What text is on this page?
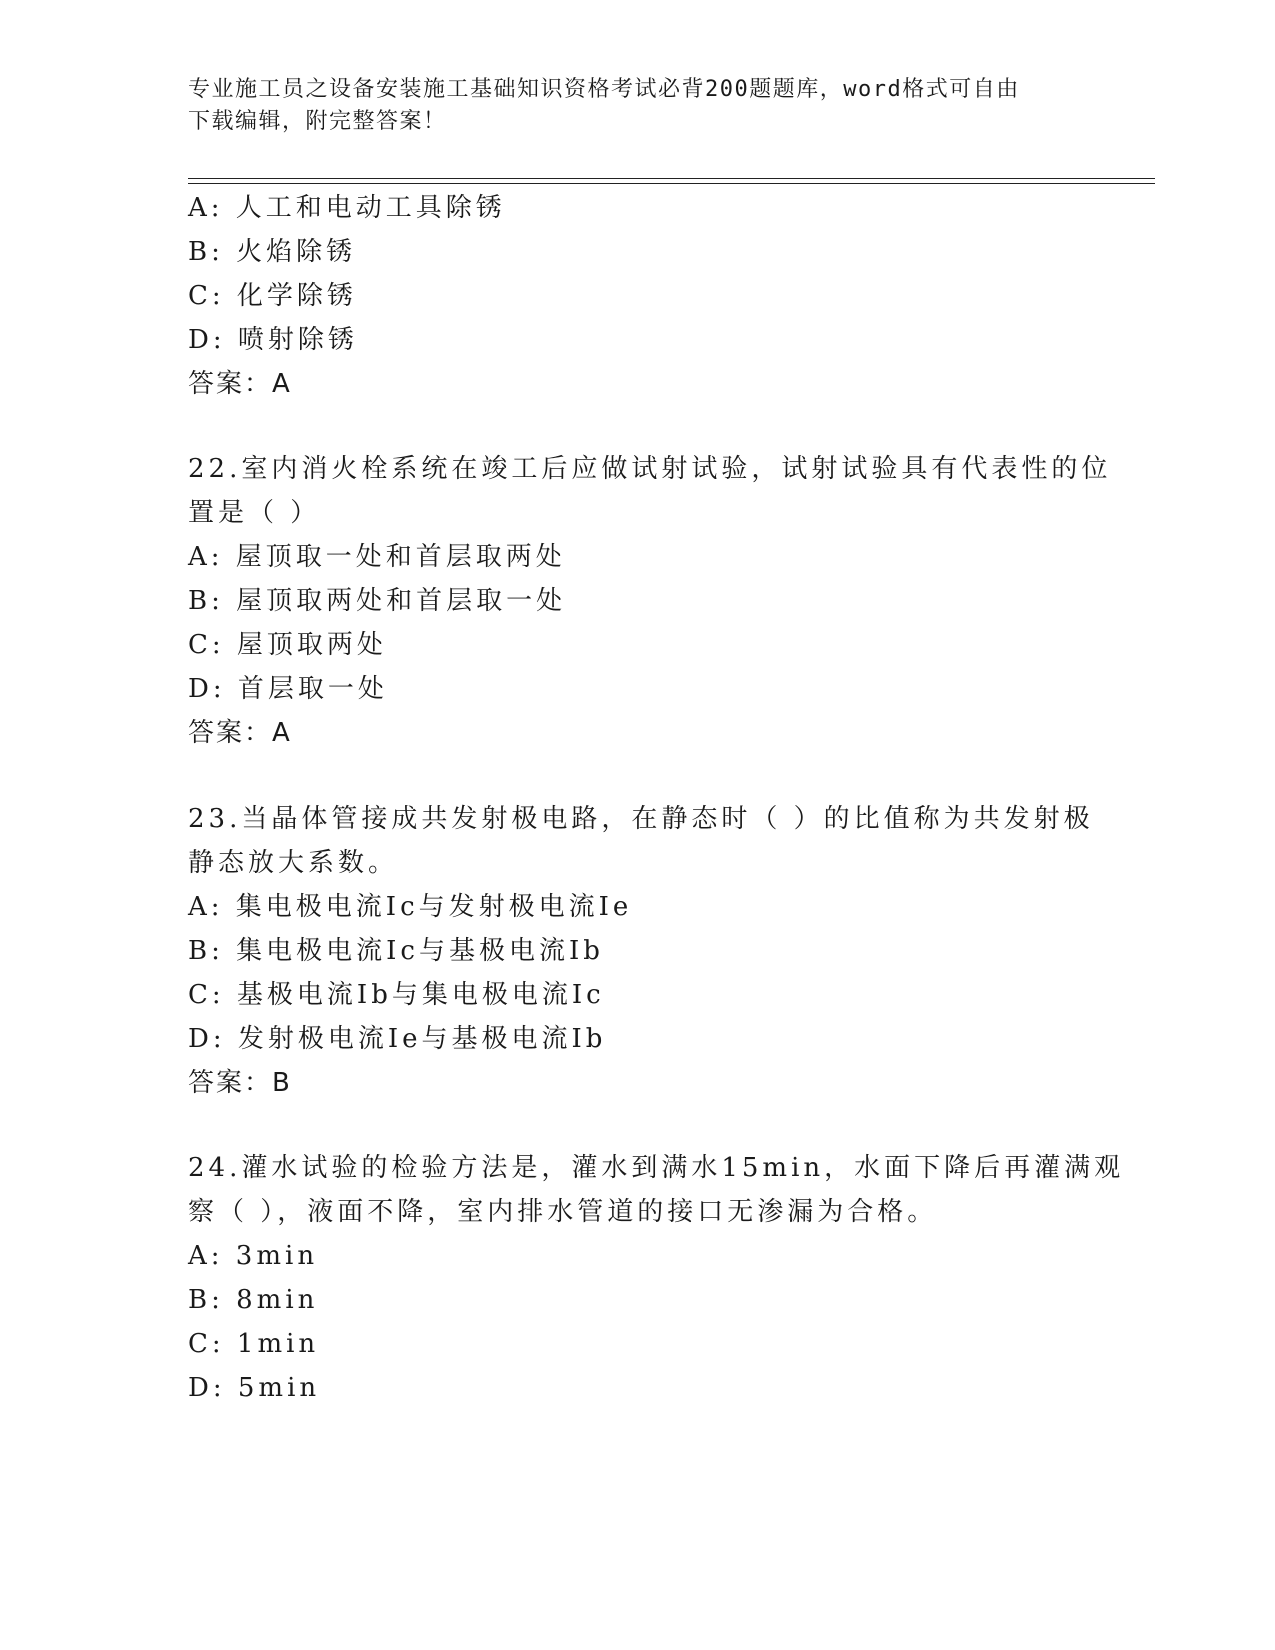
专业施工员之设备安装施工基础知识资格考试必背200题题库，word格式可自由
下载编辑，附完整答案！
A: 人工和电动工具除锈
B: 火焰除锈
C: 化学除锈
D: 喷射除锈
答案：A
22.室内消火栓系统在竣工后应做试射试验，试射试验具有代表性的位
置是（ ）
A: 屋顶取一处和首层取两处
B: 屋顶取两处和首层取一处
C: 屋顶取两处
D: 首层取一处
答案：A
23.当晶体管接成共发射极电路，在静态时（ ）的比值称为共发射极
静态放大系数。
A: 集电极电流Ic与发射极电流Ie
B: 集电极电流Ic与基极电流Ib
C: 基极电流Ib与集电极电流Ic
D: 发射极电流Ie与基极电流Ib
答案：B
24.灌水试验的检验方法是，灌水到满水15min，水面下降后再灌满观
察（ ），液面不降，室内排水管道的接口无渗漏为合格。
A: 3min
B: 8min
C: 1min
D: 5min
